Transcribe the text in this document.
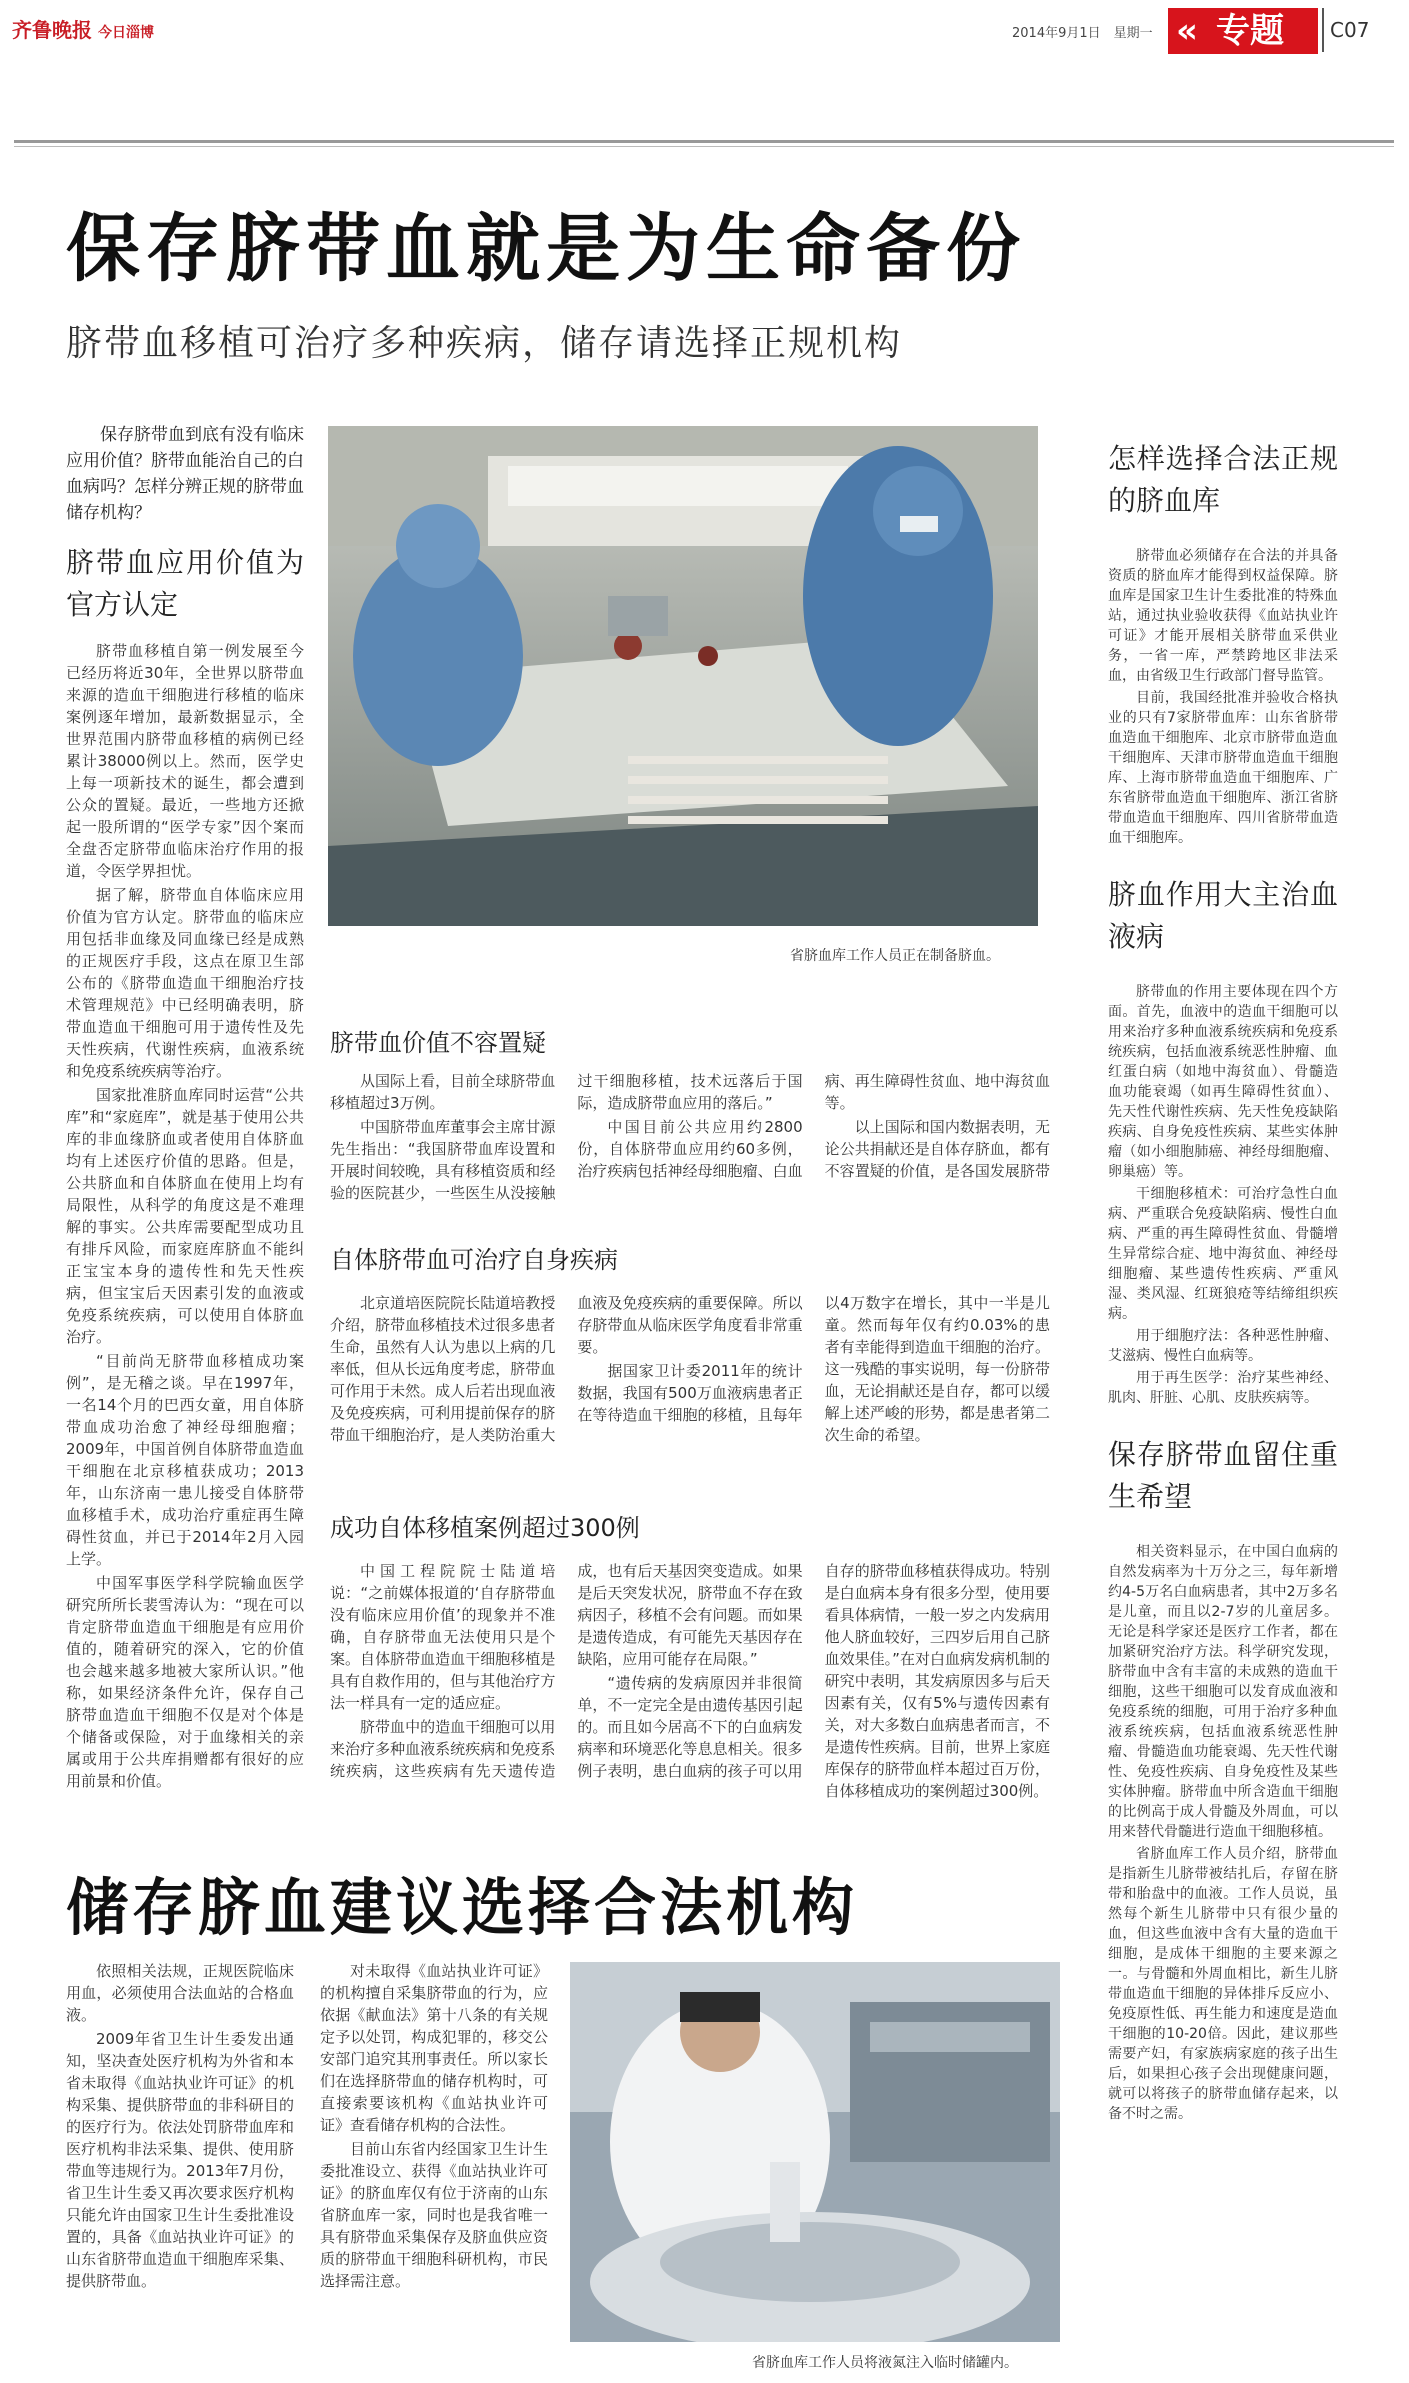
齐鲁晚报 今日淄博	2014年9月1日　星期一 « 专题	C07
保存脐带血就是为生命备份
脐带血移植可治疗多种疾病，储存请选择正规机构

保存脐带血到底有没有临床应用价值？脐带血能治自己的白血病吗？怎样分辨正规的脐带血储存机构？

脐带血应用价值为官方认定

脐带血移植自第一例发展至今已经历将近30年，全世界以脐带血来源的造血干细胞进行移植的临床案例逐年增加，最新数据显示，全世界范围内脐带血移植的病例已经累计38000例以上。然而，医学史上每一项新技术的诞生，都会遭到公众的置疑。最近，一些地方还掀起一股所谓的“医学专家”因个案而全盘否定脐带血临床治疗作用的报道，令医学界担忧。

据了解，脐带血自体临床应用价值为官方认定。脐带血的临床应用包括非血缘及同血缘已经是成熟的正规医疗手段，这点在原卫生部公布的《脐带血造血干细胞治疗技术管理规范》中已经明确表明，脐带血造血干细胞可用于遗传性及先天性疾病，代谢性疾病，血液系统和免疫系统疾病等治疗。

国家批准脐血库同时运营“公共库”和“家庭库”，就是基于使用公共库的非血缘脐血或者使用自体脐血均有上述医疗价值的思路。但是，公共脐血和自体脐血在使用上均有局限性，从科学的角度这是不难理解的事实。公共库需要配型成功且有排斥风险，而家庭库脐血不能纠正宝宝本身的遗传性和先天性疾病，但宝宝后天因素引发的血液或免疫系统疾病，可以使用自体脐血治疗。

“目前尚无脐带血移植成功案例”，是无稽之谈。早在1997年，一名14个月的巴西女童，用自体脐带血成功治愈了神经母细胞瘤；2009年，中国首例自体脐带血造血干细胞在北京移植获成功；2013年，山东济南一患儿接受自体脐带血移植手术，成功治疗重症再生障碍性贫血，并已于2014年2月入园上学。

中国军事医学科学院输血医学研究所所长裴雪涛认为：“现在可以肯定脐带血造血干细胞是有应用价值的，随着研究的深入，它的价值也会越来越多地被大家所认识。”他称，如果经济条件允许，保存自己脐带血造血干细胞不仅是对个体是个储备或保险，对于血缘相关的亲属或用于公共库捐赠都有很好的应用前景和价值。

省脐血库工作人员正在制备脐血。
脐带血价值不容置疑

从国际上看，目前全球脐带血移植超过3万例。

中国脐带血库董事会主席甘源先生指出：“我国脐带血库设置和开展时间较晚，具有移植资质和经验的医院甚少，一些医生从没接触过干细胞移植，技术远落后于国际，造成脐带血应用的落后。”

中国目前公共应用约2800份，自体脐带血应用约60多例，治疗疾病包括神经母细胞瘤、白血病、再生障碍性贫血、地中海贫血等。

以上国际和国内数据表明，无论公共捐献还是自体存脐血，都有不容置疑的价值，是各国发展脐带

自体脐带血可治疗自身疾病

北京道培医院院长陆道培教授介绍，脐带血移植技术过很多患者生命，虽然有人认为患以上病的几率低，但从长远角度考虑，脐带血可作用于未然。成人后若出现血液及免疫疾病，可利用提前保存的脐带血干细胞治疗，是人类防治重大血液及免疫疾病的重要保障。所以存脐带血从临床医学角度看非常重要。

据国家卫计委2011年的统计数据，我国有500万血液病患者正在等待造血干细胞的移植，且每年以4万数字在增长，其中一半是儿童。然而每年仅有约0.03%的患者有幸能得到造血干细胞的治疗。这一残酷的事实说明，每一份脐带血，无论捐献还是自存，都可以缓解上述严峻的形势，都是患者第二次生命的希望。

成功自体移植案例超过300例

中国工程院院士陆道培说：“之前媒体报道的‘自存脐带血没有临床应用价值’的现象并不准确，自存脐带血无法使用只是个案。自体脐带血造血干细胞移植是具有自救作用的，但与其他治疗方法一样具有一定的适应症。

脐带血中的造血干细胞可以用来治疗多种血液系统疾病和免疫系统疾病，这些疾病有先天遗传造成，也有后天基因突变造成。如果是后天突发状况，脐带血不存在致病因子，移植不会有问题。而如果是遗传造成，有可能先天基因存在缺陷，应用可能存在局限。”

“遗传病的发病原因并非很简单，不一定完全是由遗传基因引起的。而且如今居高不下的白血病发病率和环境恶化等息息相关。很多例子表明，患白血病的孩子可以用自存的脐带血移植获得成功。特别是白血病本身有很多分型，使用要看具体病情，一般一岁之内发病用他人脐血较好，三四岁后用自己脐血效果佳。”在对白血病发病机制的研究中表明，其发病原因多与后天因素有关，仅有5%与遗传因素有关，对大多数白血病患者而言，不是遗传性疾病。目前，世界上家庭库保存的脐带血样本超过百万份，自体移植成功的案例超过300例。

怎样选择合法正规的脐血库

脐带血必须储存在合法的并具备资质的脐血库才能得到权益保障。脐血库是国家卫生计生委批准的特殊血站，通过执业验收获得《血站执业许可证》才能开展相关脐带血采供业务，一省一库，严禁跨地区非法采血，由省级卫生行政部门督导监管。

目前，我国经批准并验收合格执业的只有7家脐带血库：山东省脐带血造血干细胞库、北京市脐带血造血干细胞库、天津市脐带血造血干细胞库、上海市脐带血造血干细胞库、广东省脐带血造血干细胞库、浙江省脐带血造血干细胞库、四川省脐带血造血干细胞库。

脐血作用大主治血液病

脐带血的作用主要体现在四个方面。首先，血液中的造血干细胞可以用来治疗多种血液系统疾病和免疫系统疾病，包括血液系统恶性肿瘤、血红蛋白病（如地中海贫血）、骨髓造血功能衰竭（如再生障碍性贫血）、先天性代谢性疾病、先天性免疫缺陷疾病、自身免疫性疾病、某些实体肿瘤（如小细胞肺癌、神经母细胞瘤、卵巢癌）等。

干细胞移植术：可治疗急性白血病、严重联合免疫缺陷病、慢性白血病、严重的再生障碍性贫血、骨髓增生异常综合症、地中海贫血、神经母细胞瘤、某些遗传性疾病、严重风湿、类风湿、红斑狼疮等结缔组织疾病。

用于细胞疗法：各种恶性肿瘤、艾滋病、慢性白血病等。

用于再生医学：治疗某些神经、肌肉、肝脏、心肌、皮肤疾病等。

保存脐带血留住重生希望

相关资料显示，在中国白血病的自然发病率为十万分之三，每年新增约4-5万名白血病患者，其中2万多名是儿童，而且以2-7岁的儿童居多。无论是科学家还是医疗工作者，都在加紧研究治疗方法。科学研究发现，脐带血中含有丰富的未成熟的造血干细胞，这些干细胞可以发育成血液和免疫系统的细胞，可用于治疗多种血液系统疾病，包括血液系统恶性肿瘤、骨髓造血功能衰竭、先天性代谢性、免疫性疾病、自身免疫性及某些实体肿瘤。脐带血中所含造血干细胞的比例高于成人骨髓及外周血，可以用来替代骨髓进行造血干细胞移植。

省脐血库工作人员介绍，脐带血是指新生儿脐带被结扎后，存留在脐带和胎盘中的血液。工作人员说，虽然每个新生儿脐带中只有很少量的血，但这些血液中含有大量的造血干细胞，是成体干细胞的主要来源之一。与骨髓和外周血相比，新生儿脐带血造血干细胞的异体排斥反应小、免疫原性低、再生能力和速度是造血干细胞的10-20倍。因此，建议那些需要产妇，有家族病家庭的孩子出生后，如果担心孩子会出现健康问题，就可以将孩子的脐带血储存起来，以备不时之需。

储存脐血建议选择合法机构

依照相关法规，正规医院临床用血，必须使用合法血站的合格血液。

2009年省卫生计生委发出通知，坚决查处医疗机构为外省和本省未取得《血站执业许可证》的机构采集、提供脐带血的非科研目的的医疗行为。依法处罚脐带血库和医疗机构非法采集、提供、使用脐带血等违规行为。2013年7月份，省卫生计生委又再次要求医疗机构只能允许由国家卫生计生委批准设置的，具备《血站执业许可证》的山东省脐带血造血干细胞库采集、提供脐带血。

对未取得《血站执业许可证》的机构擅自采集脐带血的行为，应依据《献血法》第十八条的有关规定予以处罚，构成犯罪的，移交公安部门追究其刑事责任。所以家长们在选择脐带血的储存机构时，可直接索要该机构《血站执业许可证》查看储存机构的合法性。

目前山东省内经国家卫生计生委批准设立、获得《血站执业许可证》的脐血库仅有位于济南的山东省脐血库一家，同时也是我省唯一具有脐带血采集保存及脐血供应资质的脐带血干细胞科研机构，市民选择需注意。

省脐血库工作人员将液氮注入临时储罐内。
